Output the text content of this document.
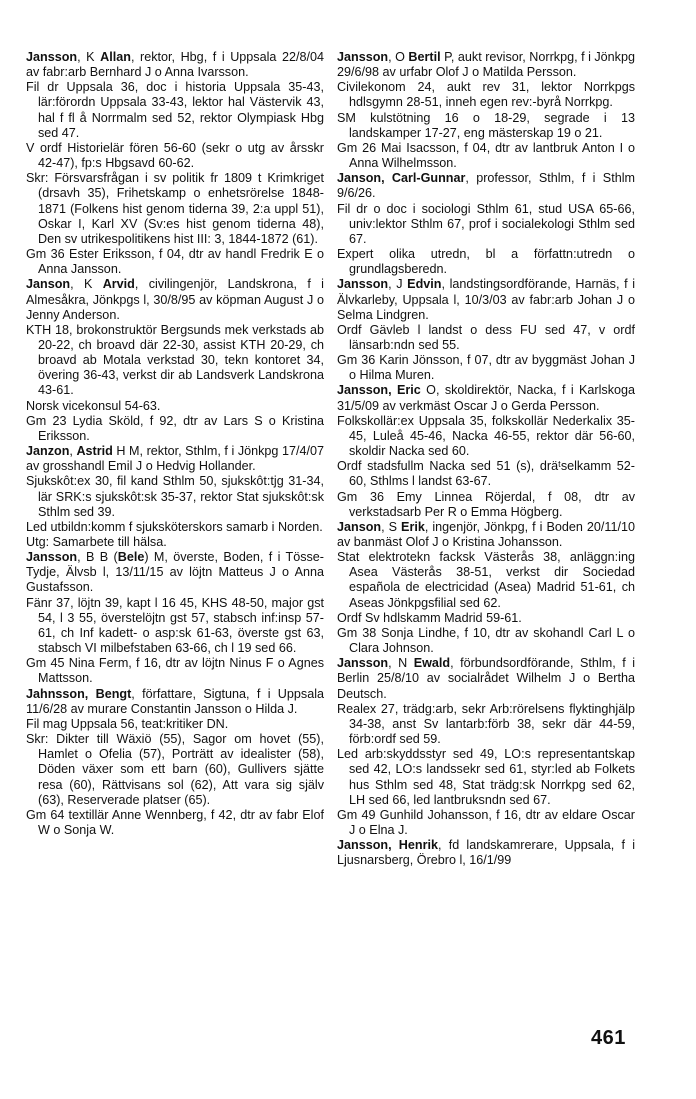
Jansson, K Allan, rektor, Hbg, f i Uppsala 22/8/04 av fabr:arb Bernhard J o Anna Ivarsson.

Fil dr Uppsala 36, doc i historia Uppsala 35-43, lär:förordn Uppsala 33-43, lektor hal Västervik 43, hal f fl å Norrmalm sed 52, rektor Olympiask Hbg sed 47.

V ordf Historielär fören 56-60 (sekr o utg av årsskr 42-47), fp:s Hbgsavd 60-62.

Skr: Försvarsfrågan i sv politik fr 1809 t Krimkriget (drsavh 35), Frihetskamp o enhetsrörelse 1848-1871 (Folkens hist genom tiderna 39, 2:a uppl 51), Oskar I, Karl XV (Sv:es hist genom tiderna 48), Den sv utrikespolitikens hist III: 3, 1844-1872 (61).

Gm 36 Ester Eriksson, f 04, dtr av handl Fredrik E o Anna Jansson.

Janson, K Arvid, civilingenjör, Landskrona, f i Almesåkra, Jönkpgs l, 30/8/95 av köpman August J o Jenny Anderson.

KTH 18, brokonstruktör Bergsunds mek verkstads ab 20-22, ch broavd där 22-30, assist KTH 20-29, ch broavd ab Motala verkstad 30, tekn kontoret 34, övering 36-43, verkst dir ab Landsverk Landskrona 43-61.

Norsk vicekonsul 54-63.

Gm 23 Lydia Sköld, f 92, dtr av Lars S o Kristina Eriksson.

Janzon, Astrid H M, rektor, Sthlm, f i Jönkpg 17/4/07 av grosshandl Emil J o Hedvig Hollander.

Sjukskôt:ex 30, fil kand Sthlm 50, sjukskôt:tjg 31-34, lär SRK:s sjukskôt:sk 35-37, rektor Stat sjukskôt:sk Sthlm sed 39.

Led utbildn:komm f sjuksköterskors samarb i Norden.

Utg: Samarbete till hälsa.

Jansson, B B (Bele) M, överste, Boden, f i Tösse-Tydje, Älvsb l, 13/11/15 av löjtn Matteus J o Anna Gustafsson.

Fänr 37, löjtn 39, kapt l 16 45, KHS 48-50, major gst 54, l 3 55, överstelöjtn gst 57, stabsch inf:insp 57-61, ch Inf kadett- o asp:sk 61-63, överste gst 63, stabsch VI milbefstaben 63-66, ch l 19 sed 66.

Gm 45 Nina Ferm, f 16, dtr av löjtn Ninus F o Agnes Mattsson.

Jahnsson, Bengt, författare, Sigtuna, f i Uppsala 11/6/28 av murare Constantin Jansson o Hilda J.

Fil mag Uppsala 56, teat:kritiker DN.

Skr: Dikter till Wäxiö (55), Sagor om hovet (55), Hamlet o Ofelia (57), Porträtt av idealister (58), Döden växer som ett barn (60), Gullivers sjätte resa (60), Rättvisans sol (62), Att vara sig själv (63), Reserverade platser (65).

Gm 64 textillär Anne Wennberg, f 42, dtr av fabr Elof W o Sonja W.

Jansson, O Bertil P, aukt revisor, Norrkpg, f i Jönkpg 29/6/98 av urfabr Olof J o Matilda Persson.

Civilekonom 24, aukt rev 31, lektor Norrkpgs hdlsgymn 28-51, inneh egen rev:-byrå Norrkpg.

SM kulstötning 16 o 18-29, segrade i 13 landskamper 17-27, eng mästerskap 19 o 21.

Gm 26 Mai Isacsson, f 04, dtr av lantbruk Anton I o Anna Wilhelmsson.

Janson, Carl-Gunnar, professor, Sthlm, f i Sthlm 9/6/26.

Fil dr o doc i sociologi Sthlm 61, stud USA 65-66, univ:lektor Sthlm 67, prof i socialekologi Sthlm sed 67.

Expert olika utredn, bl a författn:utredn o grundlagsberedn.

Jansson, J Edvin, landstingsordförande, Harnäs, f i Älvkarleby, Uppsala l, 10/3/03 av fabr:arb Johan J o Selma Lindgren.

Ordf Gävleb l landst o dess FU sed 47, v ordf länsarb:ndn sed 55.

Gm 36 Karin Jönsson, f 07, dtr av byggmäst Johan J o Hilma Muren.

Jansson, Eric O, skoldirektör, Nacka, f i Karlskoga 31/5/09 av verkmäst Oscar J o Gerda Persson.

Folkskollär:ex Uppsala 35, folkskollär Nederkalix 35-45, Luleå 45-46, Nacka 46-55, rektor där 56-60, skoldir Nacka sed 60.

Ordf stadsfullm Nacka sed 51 (s), dräᵗselkamm 52-60, Sthlms l landst 63-67.

Gm 36 Emy Linnea Röjerdal, f 08, dtr av verkstadsarb Per R o Emma Högberg.

Janson, S Erik, ingenjör, Jönkpg, f i Boden 20/11/10 av banmäst Olof J o Kristina Johansson.

Stat elektrotekn facksk Västerås 38, anläggn:ing Asea Västerås 38-51, verkst dir Sociedad española de electricidad (Asea) Madrid 51-61, ch Aseas Jönkpgsfilial sed 62.

Ordf Sv hdlskamm Madrid 59-61.

Gm 38 Sonja Lindhe, f 10, dtr av skohandl Carl L o Clara Johnson.

Jansson, N Ewald, förbundsordförande, Sthlm, f i Berlin 25/8/10 av socialrådet Wilhelm J o Bertha Deutsch.

Realex 27, trädg:arb, sekr Arb:rörelsens flyktinghjälp 34-38, anst Sv lantarb:förb 38, sekr där 44-59, förb:ordf sed 59.

Led arb:skyddsstyr sed 49, LO:s representantskap sed 42, LO:s landssekr sed 61, styr:led ab Folkets hus Sthlm sed 48, Stat trädg:sk Norrkpg sed 62, LH sed 66, led lantbruksndn sed 67.

Gm 49 Gunhild Johansson, f 16, dtr av eldare Oscar J o Elna J.

Jansson, Henrik, fd landskamrerare, Uppsala, f i Ljusnarsberg, Örebro l, 16/1/99

461
